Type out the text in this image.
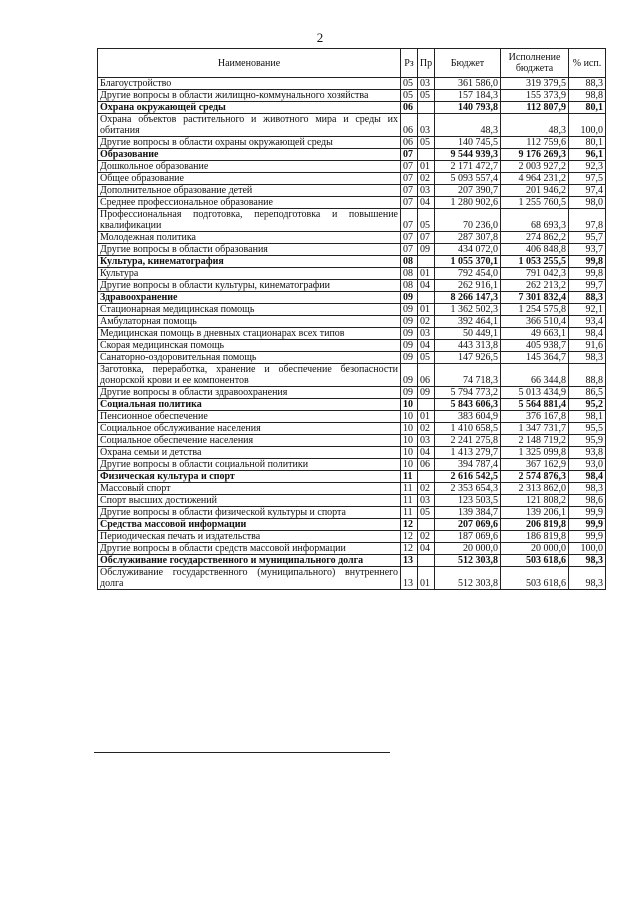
2
Наименование	Рз	Пр	Бюджет	Исполнение бюджета	% исп.
Благоустройство	05	03	361 586,0	319 379,5	88,3
Другие вопросы в области жилищно-коммунального хозяйства	05	05	157 184,3	155 373,9	98,8
Охрана окружающей среды	06		140 793,8	112 807,9	80,1
Охрана объектов растительного и животного мира и среды их обитания	06	03	48,3	48,3	100,0
Другие вопросы в области охраны окружающей среды	06	05	140 745,5	112 759,6	80,1
Образование	07		9 544 939,3	9 176 269,3	96,1
Дошкольное образование	07	01	2 171 472,7	2 003 927,2	92,3
Общее образование	07	02	5 093 557,4	4 964 231,2	97,5
Дополнительное образование детей	07	03	207 390,7	201 946,2	97,4
Среднее профессиональное образование	07	04	1 280 902,6	1 255 760,5	98,0
Профессиональная подготовка, переподготовка и повышение квалификации	07	05	70 236,0	68 693,3	97,8
Молодежная политика	07	07	287 307,8	274 862,2	95,7
Другие вопросы в области образования	07	09	434 072,0	406 848,8	93,7
Культура, кинематография	08		1 055 370,1	1 053 255,5	99,8
Культура	08	01	792 454,0	791 042,3	99,8
Другие вопросы в области культуры, кинематографии	08	04	262 916,1	262 213,2	99,7
Здравоохранение	09		8 266 147,3	7 301 832,4	88,3
Стационарная медицинская помощь	09	01	1 362 502,3	1 254 575,8	92,1
Амбулаторная помощь	09	02	392 464,1	366 510,4	93,4
Медицинская помощь в дневных стационарах всех типов	09	03	50 449,1	49 663,1	98,4
Скорая медицинская помощь	09	04	443 313,8	405 938,7	91,6
Санаторно-оздоровительная помощь	09	05	147 926,5	145 364,7	98,3
Заготовка, переработка, хранение и обеспечение безопасности донорской крови и ее компонентов	09	06	74 718,3	66 344,8	88,8
Другие вопросы в области здравоохранения	09	09	5 794 773,2	5 013 434,9	86,5
Социальная политика	10		5 843 606,3	5 564 881,4	95,2
Пенсионное обеспечение	10	01	383 604,9	376 167,8	98,1
Социальное обслуживание населения	10	02	1 410 658,5	1 347 731,7	95,5
Социальное обеспечение населения	10	03	2 241 275,8	2 148 719,2	95,9
Охрана семьи и детства	10	04	1 413 279,7	1 325 099,8	93,8
Другие вопросы в области социальной политики	10	06	394 787,4	367 162,9	93,0
Физическая культура и спорт	11		2 616 542,5	2 574 876,3	98,4
Массовый спорт	11	02	2 353 654,3	2 313 862,0	98,3
Спорт высших достижений	11	03	123 503,5	121 808,2	98,6
Другие вопросы в области физической культуры и спорта	11	05	139 384,7	139 206,1	99,9
Средства массовой информации	12		207 069,6	206 819,8	99,9
Периодическая печать и издательства	12	02	187 069,6	186 819,8	99,9
Другие вопросы в области средств массовой информации	12	04	20 000,0	20 000,0	100,0
Обслуживание государственного и муниципального долга	13		512 303,8	503 618,6	98,3
Обслуживание государственного (муниципального) внутреннего долга	13	01	512 303,8	503 618,6	98,3
